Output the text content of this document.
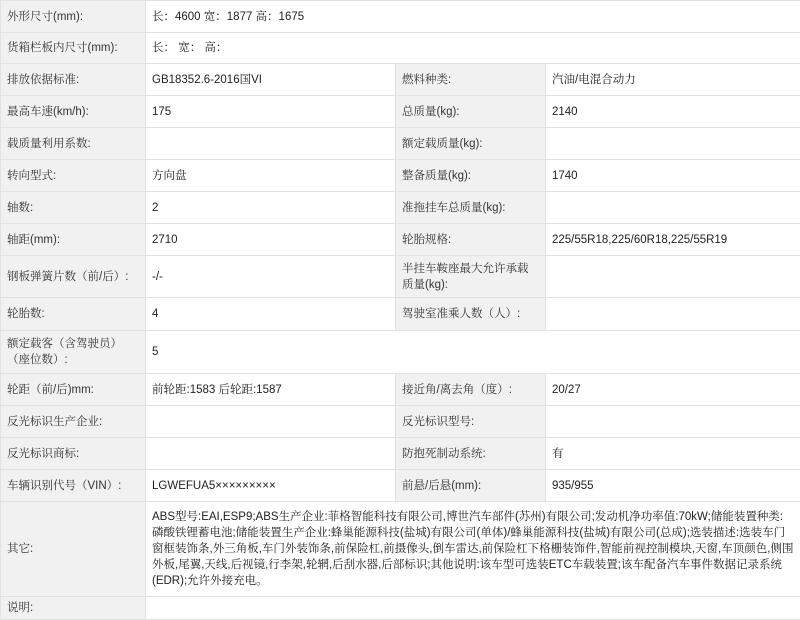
外形尺寸(mm):	长：4600 宽：1877 高：1675		
货箱栏板内尺寸(mm):	长： 宽： 高：		
排放依据标准:	GB18352.6-2016国VI	燃料种类:	汽油/电混合动力
最高车速(km/h):	175	总质量(kg):	2140
载质量利用系数:		额定载质量(kg):	
转向型式:	方向盘	整备质量(kg):	1740
轴数:	2	准拖挂车总质量(kg):	
轴距(mm):	2710	轮胎规格:	225/55R18,225/60R18,225/55R19
钢板弹簧片数（前/后）:	-/-	半挂车鞍座最大允许承载质量(kg):	
轮胎数:	4	驾驶室准乘人数（人）:	
额定载客（含驾驶员）（座位数）:	5		
轮距（前/后)mm:	前轮距:1583 后轮距:1587	接近角/离去角（度）:	20/27
反光标识生产企业:		反光标识型号:	
反光标识商标:		防抱死制动系统:	有
车辆识别代号（VIN）:	LGWEFUA5×××××××××	前悬/后悬(mm):	935/955
其它:	ABS型号:EAI,ESP9;ABS生产企业:菲格智能科技有限公司,博世汽车部件(苏州)有限公司;发动机净功率值:70kW;储能装置种类:磷酸铁锂蓄电池;储能装置生产企业:蜂巢能源科技(盐城)有限公司(单体)/蜂巢能源科技(盐城)有限公司(总成);选装描述:选装车门窗框装饰条,外三角板,车门外装饰条,前保险杠,前摄像头,倒车雷达,前保险杠下格栅装饰件,智能前视控制模块,天窗,车顶颜色,侧围外板,尾翼,天线,后视镜,行李架,轮辋,后刮水器,后部标识;其他说明:该车型可选装ETC车载装置;该车配备汽车事件数据记录系统(EDR);允许外接充电。		
说明:			
